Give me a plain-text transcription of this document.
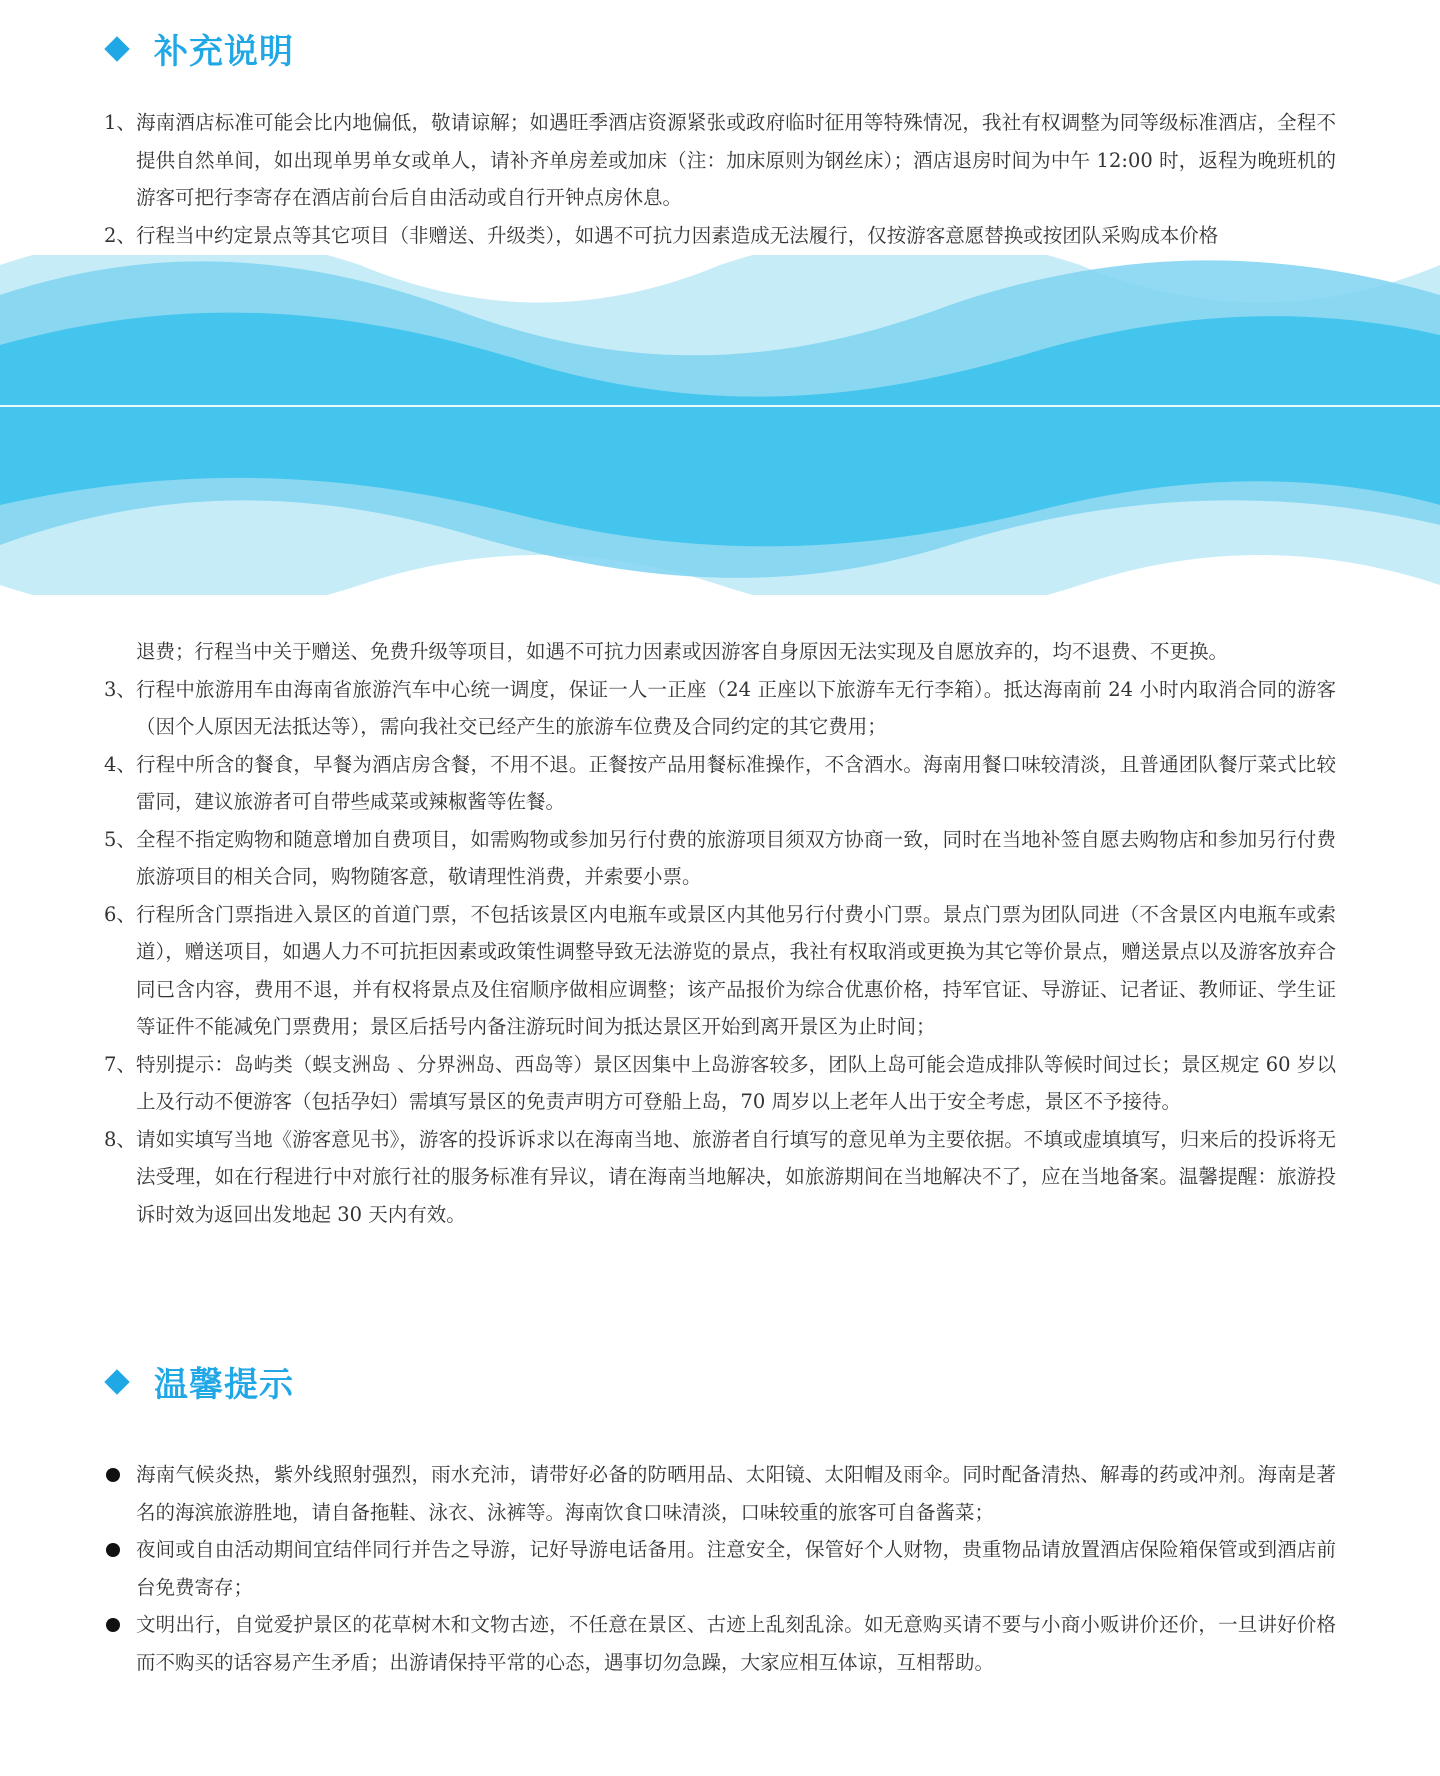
补充说明
1、 海南酒店标准可能会比内地偏低，敬请谅解；如遇旺季酒店资源紧张或政府临时征用等特殊情况，我社有权调整为同等级标准酒店，全程不提供自然单间，如出现单男单女或单人，请补齐单房差或加床（注：加床原则为钢丝床）；酒店退房时间为中午 12:00 时，返程为晚班机的游客可把行李寄存在酒店前台后自由活动或自行开钟点房休息。
2、 行程当中约定景点等其它项目（非赠送、升级类），如遇不可抗力因素造成无法履行，仅按游客意愿替换或按团队采购成本价格
退费；行程当中关于赠送、免费升级等项目，如遇不可抗力因素或因游客自身原因无法实现及自愿放弃的，均不退费、不更换。
3、 行程中旅游用车由海南省旅游汽车中心统一调度，保证一人一正座（24 正座以下旅游车无行李箱）。抵达海南前 24 小时内取消合同的游客（因个人原因无法抵达等），需向我社交已经产生的旅游车位费及合同约定的其它费用；
4、 行程中所含的餐食，早餐为酒店房含餐，不用不退。正餐按产品用餐标准操作，不含酒水。海南用餐口味较清淡，且普通团队餐厅菜式比较雷同，建议旅游者可自带些咸菜或辣椒酱等佐餐。
5、 全程不指定购物和随意增加自费项目，如需购物或参加另行付费的旅游项目须双方协商一致，同时在当地补签自愿去购物店和参加另行付费旅游项目的相关合同，购物随客意，敬请理性消费，并索要小票。
6、 行程所含门票指进入景区的首道门票，不包括该景区内电瓶车或景区内其他另行付费小门票。景点门票为团队同进（不含景区内电瓶车或索道），赠送项目，如遇人力不可抗拒因素或政策性调整导致无法游览的景点，我社有权取消或更换为其它等价景点，赠送景点以及游客放弃合同已含内容，费用不退，并有权将景点及住宿顺序做相应调整；该产品报价为综合优惠价格，持军官证、导游证、记者证、教师证、学生证等证件不能减免门票费用；景区后括号内备注游玩时间为抵达景区开始到离开景区为止时间；
7、 特别提示：岛屿类（蜈支洲岛 、分界洲岛、西岛等）景区因集中上岛游客较多，团队上岛可能会造成排队等候时间过长；景区规定 60 岁以上及行动不便游客（包括孕妇）需填写景区的免责声明方可登船上岛，70 周岁以上老年人出于安全考虑，景区不予接待。
8、 请如实填写当地《游客意见书》，游客的投诉诉求以在海南当地、旅游者自行填写的意见单为主要依据。不填或虚填填写，归来后的投诉将无法受理，如在行程进行中对旅行社的服务标准有异议，请在海南当地解决，如旅游期间在当地解决不了，应在当地备案。温馨提醒：旅游投诉时效为返回出发地起 30 天内有效。
温馨提示
海南气候炎热，紫外线照射强烈，雨水充沛，请带好必备的防晒用品、太阳镜、太阳帽及雨伞。同时配备清热、解毒的药或冲剂。海南是著名的海滨旅游胜地，请自备拖鞋、泳衣、泳裤等。海南饮食口味清淡，口味较重的旅客可自备酱菜；
夜间或自由活动期间宜结伴同行并告之导游，记好导游电话备用。注意安全，保管好个人财物，贵重物品请放置酒店保险箱保管或到酒店前台免费寄存；
文明出行，自觉爱护景区的花草树木和文物古迹，不任意在景区、古迹上乱刻乱涂。如无意购买请不要与小商小贩讲价还价，一旦讲好价格而不购买的话容易产生矛盾；出游请保持平常的心态，遇事切勿急躁，大家应相互体谅，互相帮助。
